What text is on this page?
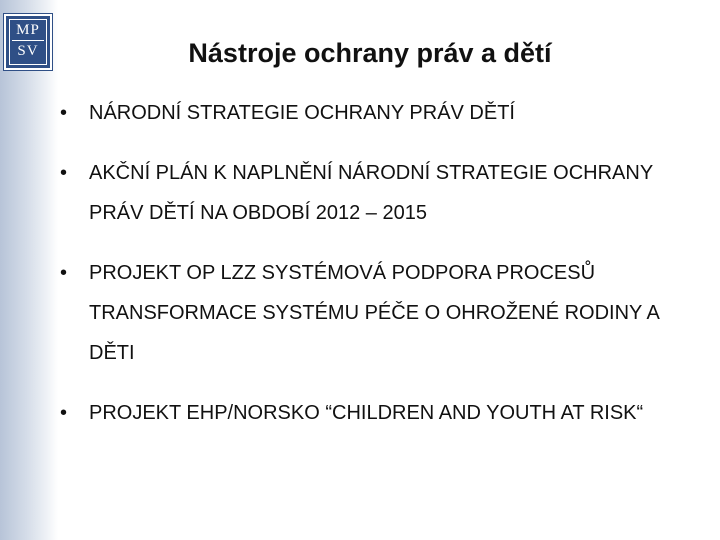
MP
SV	Nástroje ochrany práv a dětí
• NÁRODNÍ STRATEGIE OCHRANY PRÁV DĚTÍ
• AKČNÍ PLÁN K NAPLNĚNÍ NÁRODNÍ STRATEGIE OCHRANY PRÁV DĚTÍ NA OBDOBÍ 2012 – 2015
• PROJEKT OP LZZ SYSTÉMOVÁ PODPORA PROCESŮ TRANSFORMACE SYSTÉMU PÉČE O OHROŽENÉ RODINY A DĚTI
• PROJEKT EHP/NORSKO “CHILDREN AND YOUTH AT RISK“
